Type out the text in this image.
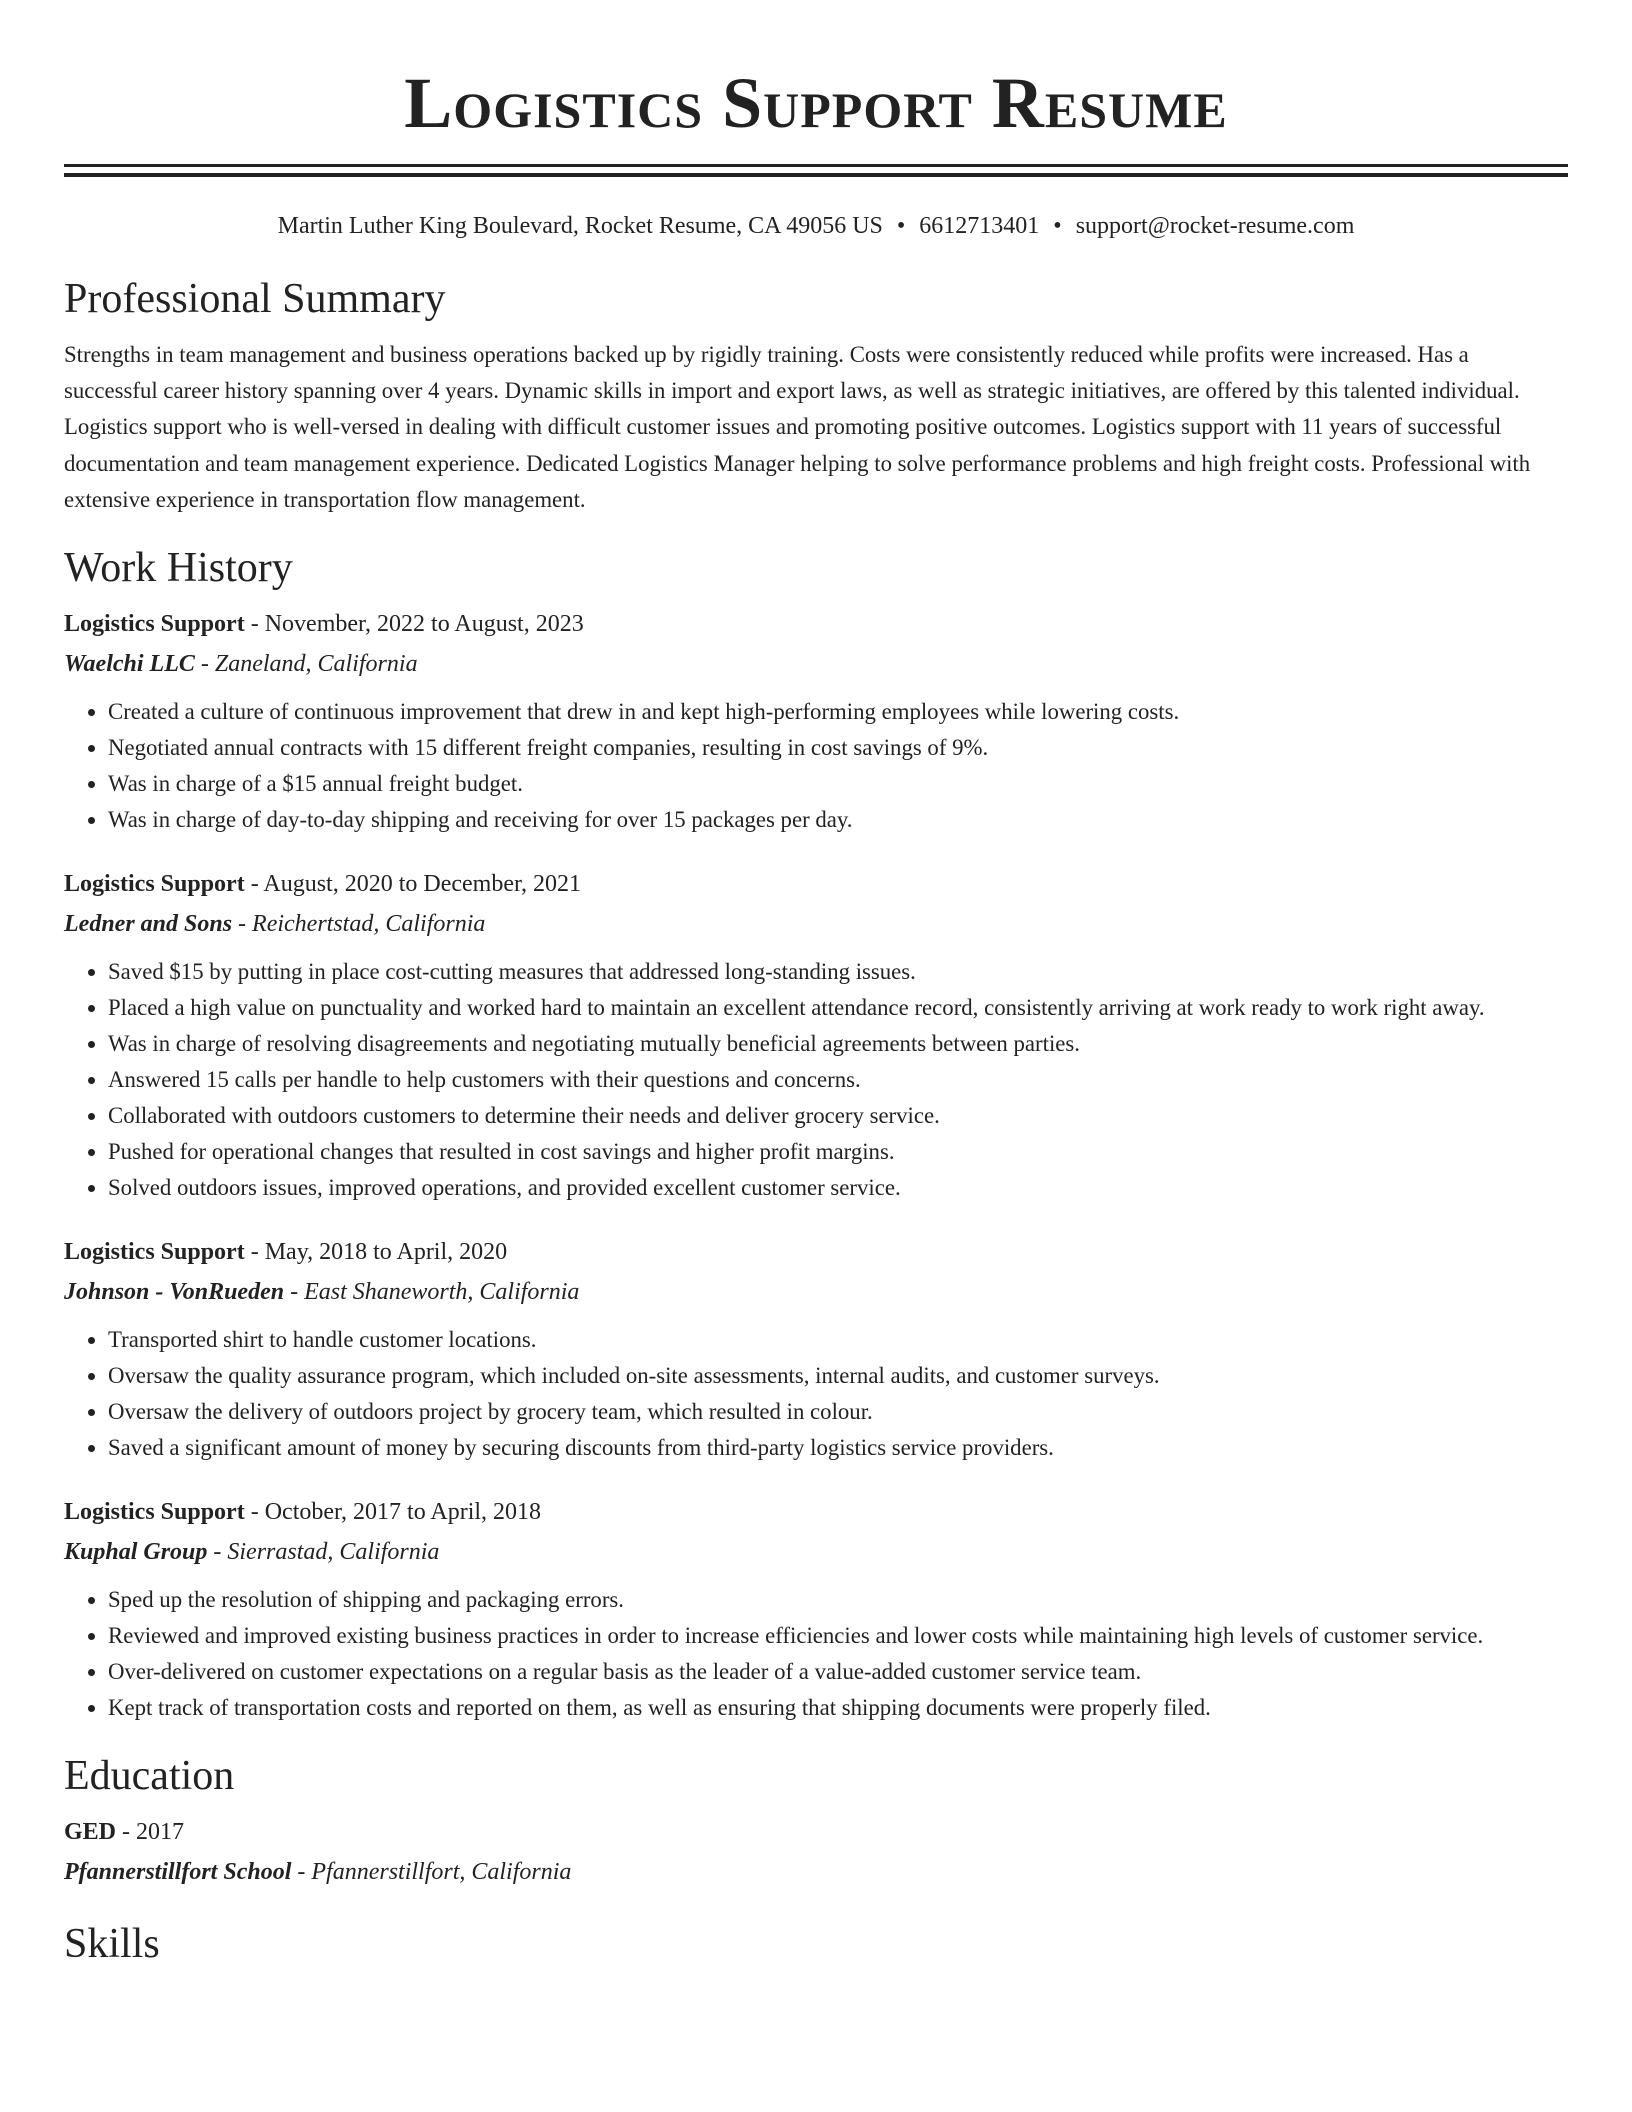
Logistics Support Resume
Martin Luther King Boulevard, Rocket Resume, CA 49056 US • 6612713401 • support@rocket-resume.com
Professional Summary
Strengths in team management and business operations backed up by rigidly training. Costs were consistently reduced while profits were increased. Has a successful career history spanning over 4 years. Dynamic skills in import and export laws, as well as strategic initiatives, are offered by this talented individual. Logistics support who is well-versed in dealing with difficult customer issues and promoting positive outcomes. Logistics support with 11 years of successful documentation and team management experience. Dedicated Logistics Manager helping to solve performance problems and high freight costs. Professional with extensive experience in transportation flow management.
Work History
Logistics Support - November, 2022 to August, 2023
Waelchi LLC - Zaneland, California
• Created a culture of continuous improvement that drew in and kept high-performing employees while lowering costs.
• Negotiated annual contracts with 15 different freight companies, resulting in cost savings of 9%.
• Was in charge of a $15 annual freight budget.
• Was in charge of day-to-day shipping and receiving for over 15 packages per day.
Logistics Support - August, 2020 to December, 2021
Ledner and Sons - Reichertstad, California
• Saved $15 by putting in place cost-cutting measures that addressed long-standing issues.
• Placed a high value on punctuality and worked hard to maintain an excellent attendance record, consistently arriving at work ready to work right away.
• Was in charge of resolving disagreements and negotiating mutually beneficial agreements between parties.
• Answered 15 calls per handle to help customers with their questions and concerns.
• Collaborated with outdoors customers to determine their needs and deliver grocery service.
• Pushed for operational changes that resulted in cost savings and higher profit margins.
• Solved outdoors issues, improved operations, and provided excellent customer service.
Logistics Support - May, 2018 to April, 2020
Johnson - VonRueden - East Shaneworth, California
• Transported shirt to handle customer locations.
• Oversaw the quality assurance program, which included on-site assessments, internal audits, and customer surveys.
• Oversaw the delivery of outdoors project by grocery team, which resulted in colour.
• Saved a significant amount of money by securing discounts from third-party logistics service providers.
Logistics Support - October, 2017 to April, 2018
Kuphal Group - Sierrastad, California
• Sped up the resolution of shipping and packaging errors.
• Reviewed and improved existing business practices in order to increase efficiencies and lower costs while maintaining high levels of customer service.
• Over-delivered on customer expectations on a regular basis as the leader of a value-added customer service team.
• Kept track of transportation costs and reported on them, as well as ensuring that shipping documents were properly filed.
Education
GED - 2017
Pfannerstillfort School - Pfannerstillfort, California
Skills
